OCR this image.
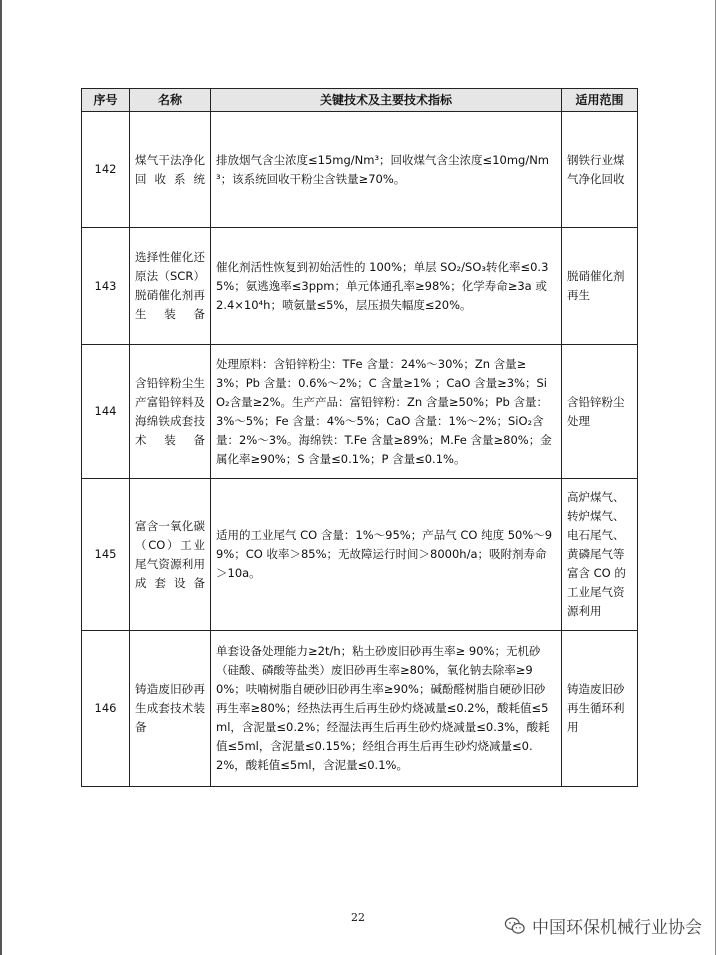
序号	名称	关键技术及主要技术指标	适用范围
142	煤气干法净化回收系统	排放烟气含尘浓度≤15mg/Nm³；回收煤气含尘浓度≤10mg/Nm³；该系统回收干粉尘含铁量≥70%。	钢铁行业煤气净化回收
143	选择性催化还原法（SCR）脱硝催化剂再生装备	催化剂活性恢复到初始活性的 100%；单层 SO₂/SO₃转化率≤0.35%；氨逃逸率≤3ppm；单元体通孔率≥98%；化学寿命≥3a 或 2.4×10⁴h；喷氨量≤5%，层压损失幅度≤20%。	脱硝催化剂再生
144	含铅锌粉尘生产富铅锌料及海绵铁成套技术装备	处理原料：含铅锌粉尘：TFe 含量：24%～30%；Zn 含量≥3%；Pb 含量：0.6%～2%；C 含量≥1% ；CaO 含量≥3%；SiO₂含量≥2%。生产产品：富铅锌粉：Zn 含量≥50%；Pb 含量：3%～5%；Fe 含量：4%～5%；CaO 含量：1%～2%；SiO₂含量：2%～3%。海绵铁：T.Fe 含量≥89%；M.Fe 含量≥80%；金属化率≥90%；S 含量≤0.1%；P 含量≤0.1%。	含铅锌粉尘处理
145	富含一氧化碳（CO）工业尾气资源利用成套设备	适用的工业尾气 CO 含量：1%～95%；产品气 CO 纯度 50%～99%；CO 收率＞85%；无故障运行时间＞8000h/a；吸附剂寿命＞10a。	高炉煤气、转炉煤气、电石尾气、黄磷尾气等富含 CO 的工业尾气资源利用
146	铸造废旧砂再生成套技术装备	单套设备处理能力≥2t/h；粘土砂废旧砂再生率≥ 90%；无机砂（硅酸、磷酸等盐类）废旧砂再生率≥80%，氧化钠去除率≥90%；呋喃树脂自硬砂旧砂再生率≥90%；碱酚醛树脂自硬砂旧砂再生率≥80%；经热法再生后再生砂灼烧减量≤0.2%，酸耗值≤5ml，含泥量≤0.2%；经湿法再生后再生砂灼烧减量≤0.3%，酸耗值≤5ml，含泥量≤0.15%；经组合再生后再生砂灼烧减量≤0.2%，酸耗值≤5ml，含泥量≤0.1%。	铸造废旧砂再生循环利用
22
中国环保机械行业协会
